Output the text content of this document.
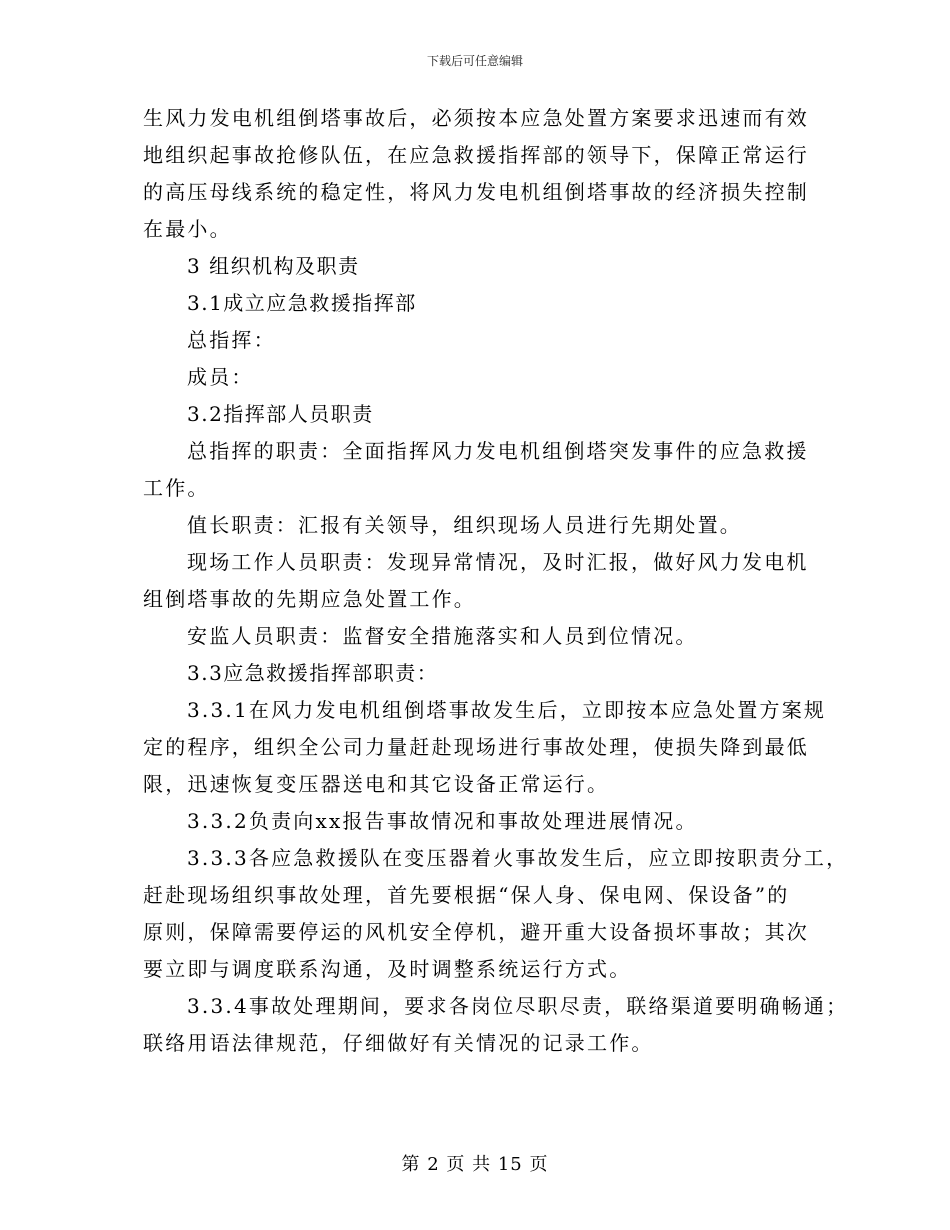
下载后可任意编辑
生风力发电机组倒塔事故后，必须按本应急处置方案要求迅速而有效
地组织起事故抢修队伍，在应急救援指挥部的领导下，保障正常运行
的高压母线系统的稳定性，将风力发电机组倒塔事故的经济损失控制
在最小。
3 组织机构及职责
3.1成立应急救援指挥部
总指挥：
成员：
3.2指挥部人员职责
总指挥的职责：全面指挥风力发电机组倒塔突发事件的应急救援
工作。
值长职责：汇报有关领导，组织现场人员进行先期处置。
现场工作人员职责：发现异常情况，及时汇报，做好风力发电机
组倒塔事故的先期应急处置工作。
安监人员职责：监督安全措施落实和人员到位情况。
3.3应急救援指挥部职责：
3.3.1在风力发电机组倒塔事故发生后，立即按本应急处置方案规
定的程序，组织全公司力量赶赴现场进行事故处理，使损失降到最低
限，迅速恢复变压器送电和其它设备正常运行。
3.3.2负责向xx报告事故情况和事故处理进展情况。
3.3.3各应急救援队在变压器着火事故发生后，应立即按职责分工，
赶赴现场组织事故处理，首先要根据“保人身、保电网、保设备”的
原则，保障需要停运的风机安全停机，避开重大设备损坏事故；其次
要立即与调度联系沟通，及时调整系统运行方式。
3.3.4事故处理期间，要求各岗位尽职尽责，联络渠道要明确畅通；
联络用语法律规范，仔细做好有关情况的记录工作。
第 2 页 共 15 页
